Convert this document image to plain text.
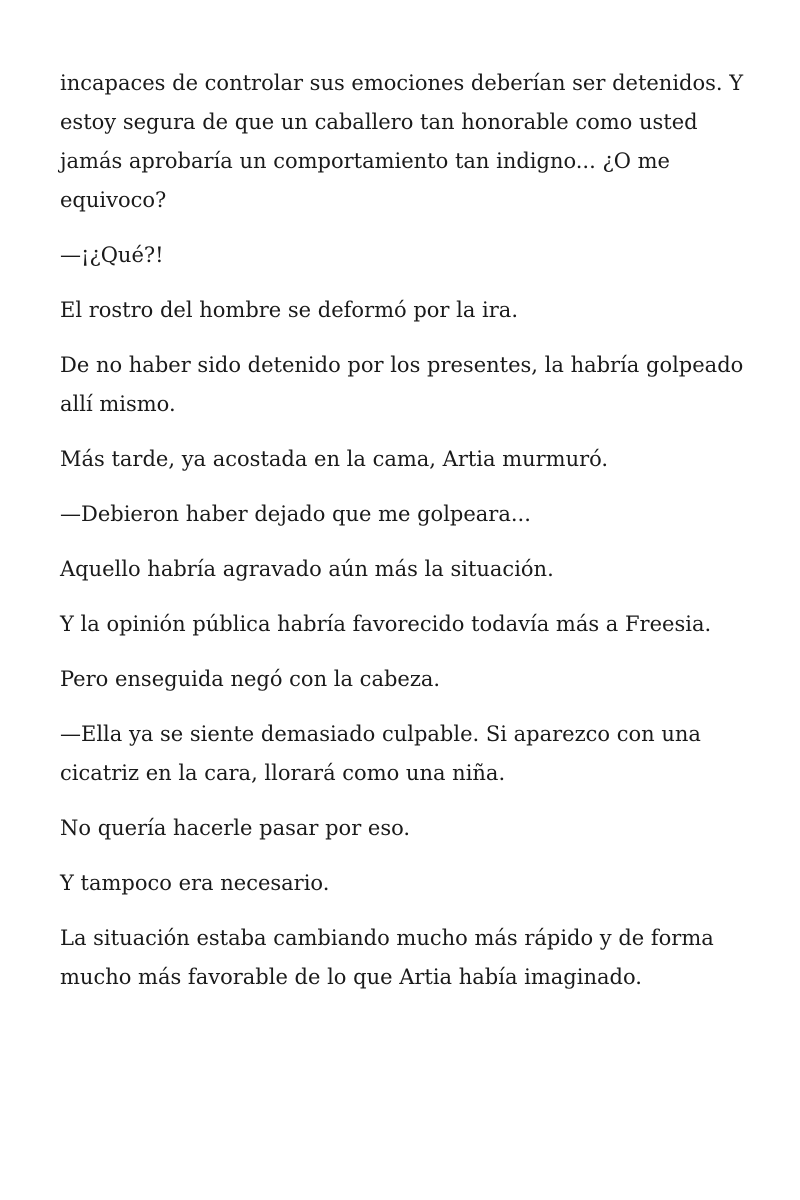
incapaces de controlar sus emociones deberían ser detenidos. Y estoy segura de que un caballero tan honorable como usted jamás aprobaría un comportamiento tan indigno... ¿O me equivoco?

—¡¿Qué?!

El rostro del hombre se deformó por la ira.

De no haber sido detenido por los presentes, la habría golpeado allí mismo.

Más tarde, ya acostada en la cama, Artia murmuró.

—Debieron haber dejado que me golpeara...

Aquello habría agravado aún más la situación.

Y la opinión pública habría favorecido todavía más a Freesia.

Pero enseguida negó con la cabeza.

—Ella ya se siente demasiado culpable. Si aparezco con una cicatriz en la cara, llorará como una niña.

No quería hacerle pasar por eso.

Y tampoco era necesario.

La situación estaba cambiando mucho más rápido y de forma mucho más favorable de lo que Artia había imaginado.
